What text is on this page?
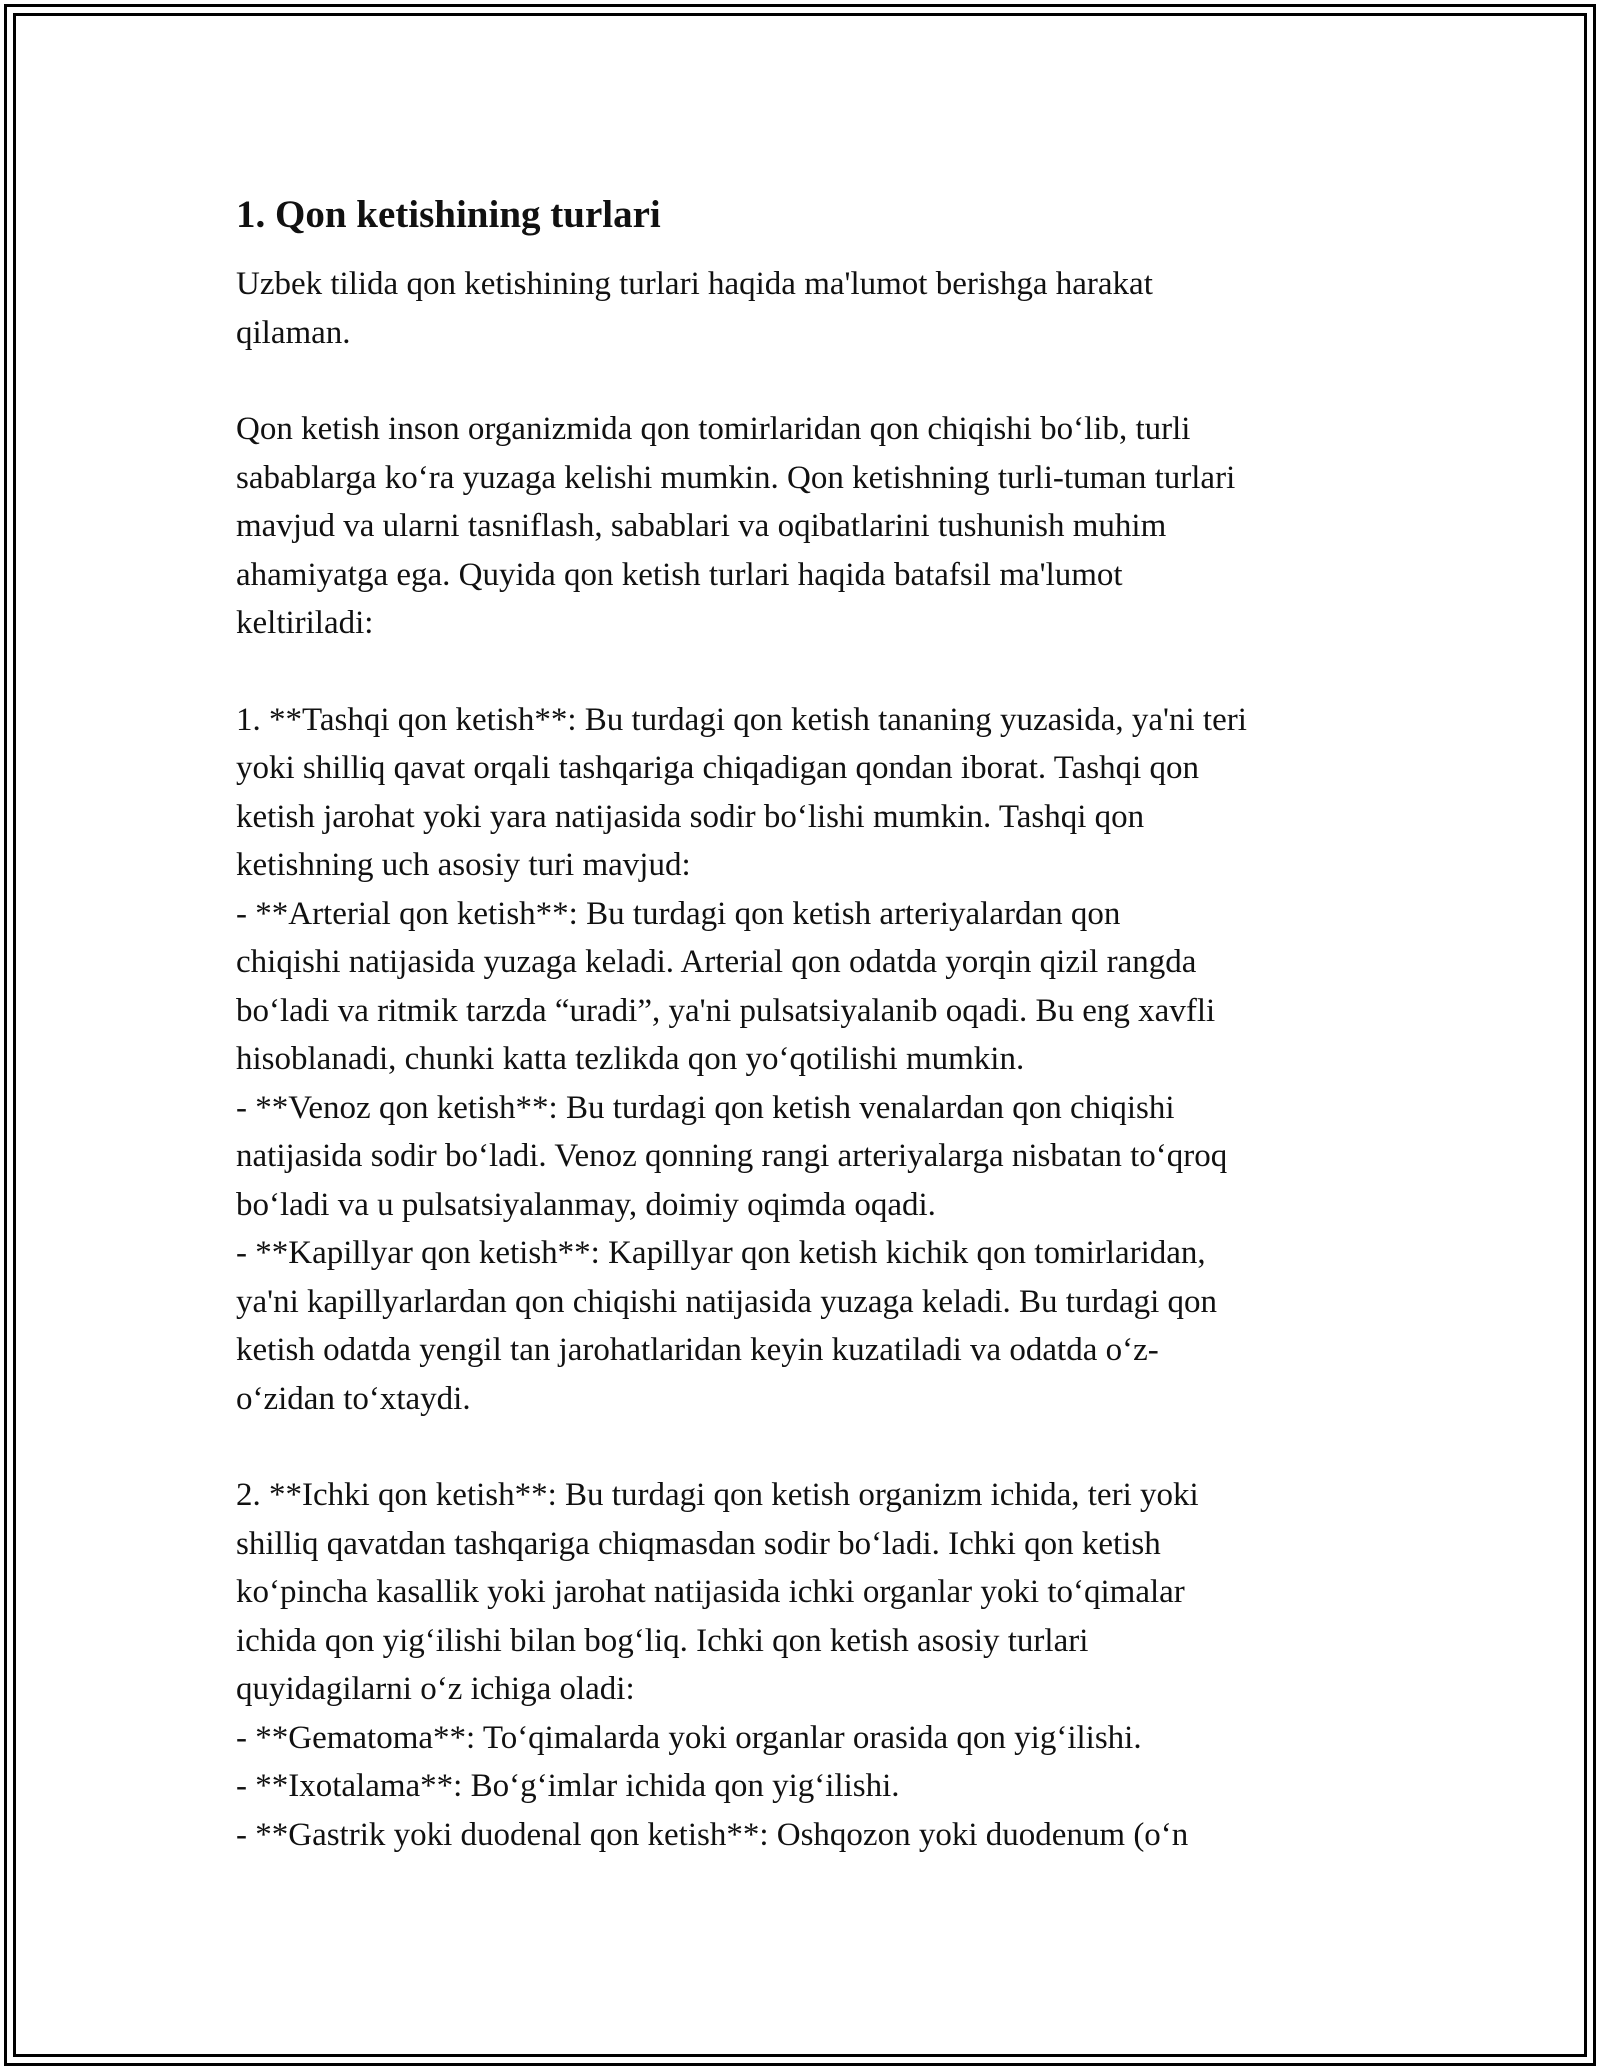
1. Qon ketishining turlari

Uzbek tilida qon ketishining turlari haqida ma'lumot berishga harakat
qilaman.

Qon ketish inson organizmida qon tomirlaridan qon chiqishi bo‘lib, turli
sabablarga ko‘ra yuzaga kelishi mumkin. Qon ketishning turli-tuman turlari
mavjud va ularni tasniflash, sabablari va oqibatlarini tushunish muhim
ahamiyatga ega. Quyida qon ketish turlari haqida batafsil ma'lumot
keltiriladi:

1. **Tashqi qon ketish**: Bu turdagi qon ketish tananing yuzasida, ya'ni teri
yoki shilliq qavat orqali tashqariga chiqadigan qondan iborat. Tashqi qon
ketish jarohat yoki yara natijasida sodir bo‘lishi mumkin. Tashqi qon
ketishning uch asosiy turi mavjud:
- **Arterial qon ketish**: Bu turdagi qon ketish arteriyalardan qon
chiqishi natijasida yuzaga keladi. Arterial qon odatda yorqin qizil rangda
bo‘ladi va ritmik tarzda “uradi”, ya'ni pulsatsiyalanib oqadi. Bu eng xavfli
hisoblanadi, chunki katta tezlikda qon yo‘qotilishi mumkin.
- **Venoz qon ketish**: Bu turdagi qon ketish venalardan qon chiqishi
natijasida sodir bo‘ladi. Venoz qonning rangi arteriyalarga nisbatan to‘qroq
bo‘ladi va u pulsatsiyalanmay, doimiy oqimda oqadi.
- **Kapillyar qon ketish**: Kapillyar qon ketish kichik qon tomirlaridan,
ya'ni kapillyarlardan qon chiqishi natijasida yuzaga keladi. Bu turdagi qon
ketish odatda yengil tan jarohatlaridan keyin kuzatiladi va odatda o‘z-
o‘zidan to‘xtaydi.

2. **Ichki qon ketish**: Bu turdagi qon ketish organizm ichida, teri yoki
shilliq qavatdan tashqariga chiqmasdan sodir bo‘ladi. Ichki qon ketish
ko‘pincha kasallik yoki jarohat natijasida ichki organlar yoki to‘qimalar
ichida qon yig‘ilishi bilan bog‘liq. Ichki qon ketish asosiy turlari
quyidagilarni o‘z ichiga oladi:
- **Gematoma**: To‘qimalarda yoki organlar orasida qon yig‘ilishi.
- **Ixotalama**: Bo‘g‘imlar ichida qon yig‘ilishi.
- **Gastrik yoki duodenal qon ketish**: Oshqozon yoki duodenum (o‘n
